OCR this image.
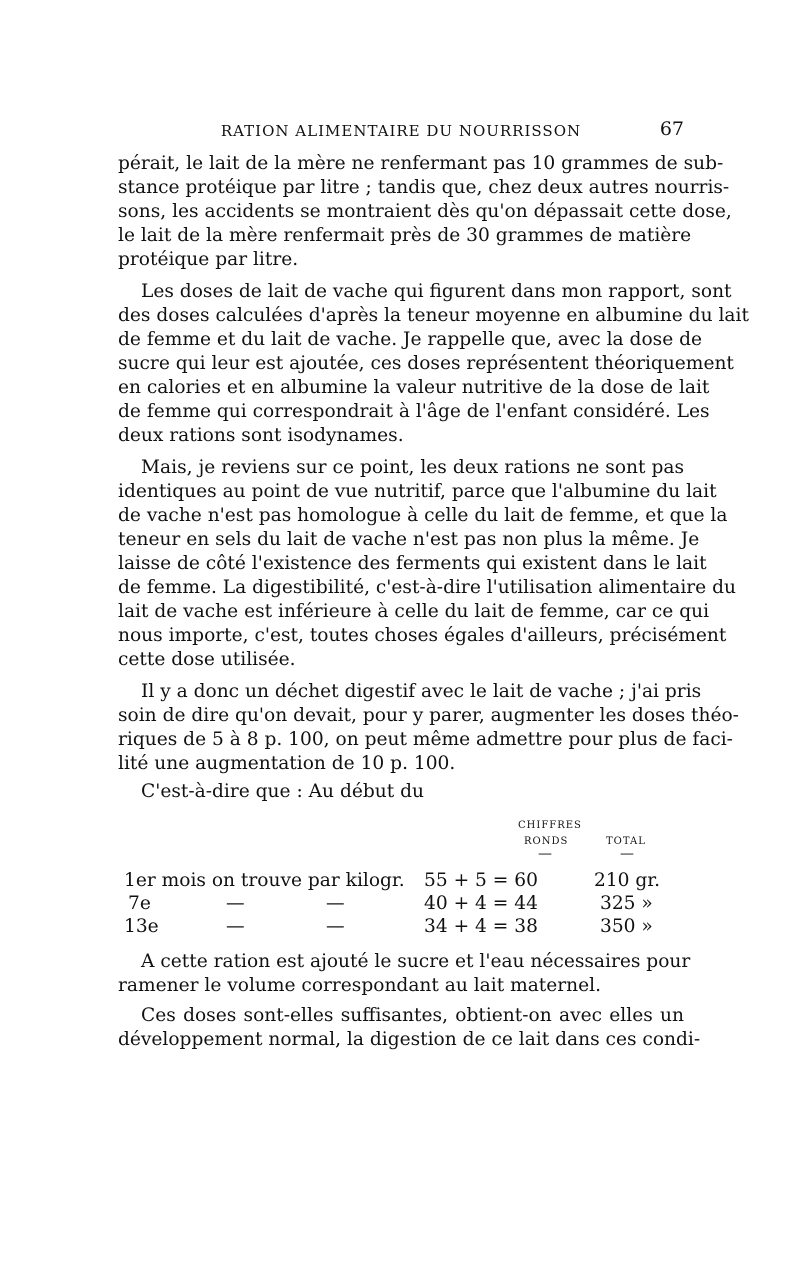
RATION ALIMENTAIRE DU NOURRISSON	67
pérait, le lait de la mère ne renfermant pas 10 grammes de sub-
stance protéique par litre ; tandis que, chez deux autres nourris-
sons, les accidents se montraient dès qu'on dépassait cette dose,
le lait de la mère renfermait près de 30 grammes de matière
protéique par litre.
Les doses de lait de vache qui figurent dans mon rapport, sont
des doses calculées d'après la teneur moyenne en albumine du lait
de femme et du lait de vache. Je rappelle que, avec la dose de
sucre qui leur est ajoutée, ces doses représentent théoriquement
en calories et en albumine la valeur nutritive de la dose de lait
de femme qui correspondrait à l'âge de l'enfant considéré. Les
deux rations sont isodynames.
Mais, je reviens sur ce point, les deux rations ne sont pas
identiques au point de vue nutritif, parce que l'albumine du lait
de vache n'est pas homologue à celle du lait de femme, et que la
teneur en sels du lait de vache n'est pas non plus la même. Je
laisse de côté l'existence des ferments qui existent dans le lait
de femme. La digestibilité, c'est-à-dire l'utilisation alimentaire du
lait de vache est inférieure à celle du lait de femme, car ce qui
nous importe, c'est, toutes choses égales d'ailleurs, précisément
cette dose utilisée.
Il y a donc un déchet digestif avec le lait de vache ; j'ai pris
soin de dire qu'on devait, pour y parer, augmenter les doses théo-
riques de 5 à 8 p. 100, on peut même admettre pour plus de faci-
lité une augmentation de 10 p. 100.
C'est-à-dire que : Au début du
CHIFFRES
RONDS	TOTAL
—	—
1er mois on trouve par kilogr. 55 + 5 = 60	210 gr.
7e	—	—	40 + 4 = 44	325 »
13e	—	—	34 + 4 = 38	350 »
A cette ration est ajouté le sucre et l'eau nécessaires pour
ramener le volume correspondant au lait maternel.
Ces doses sont-elles suffisantes, obtient-on avec elles un
développement normal, la digestion de ce lait dans ces condi-
